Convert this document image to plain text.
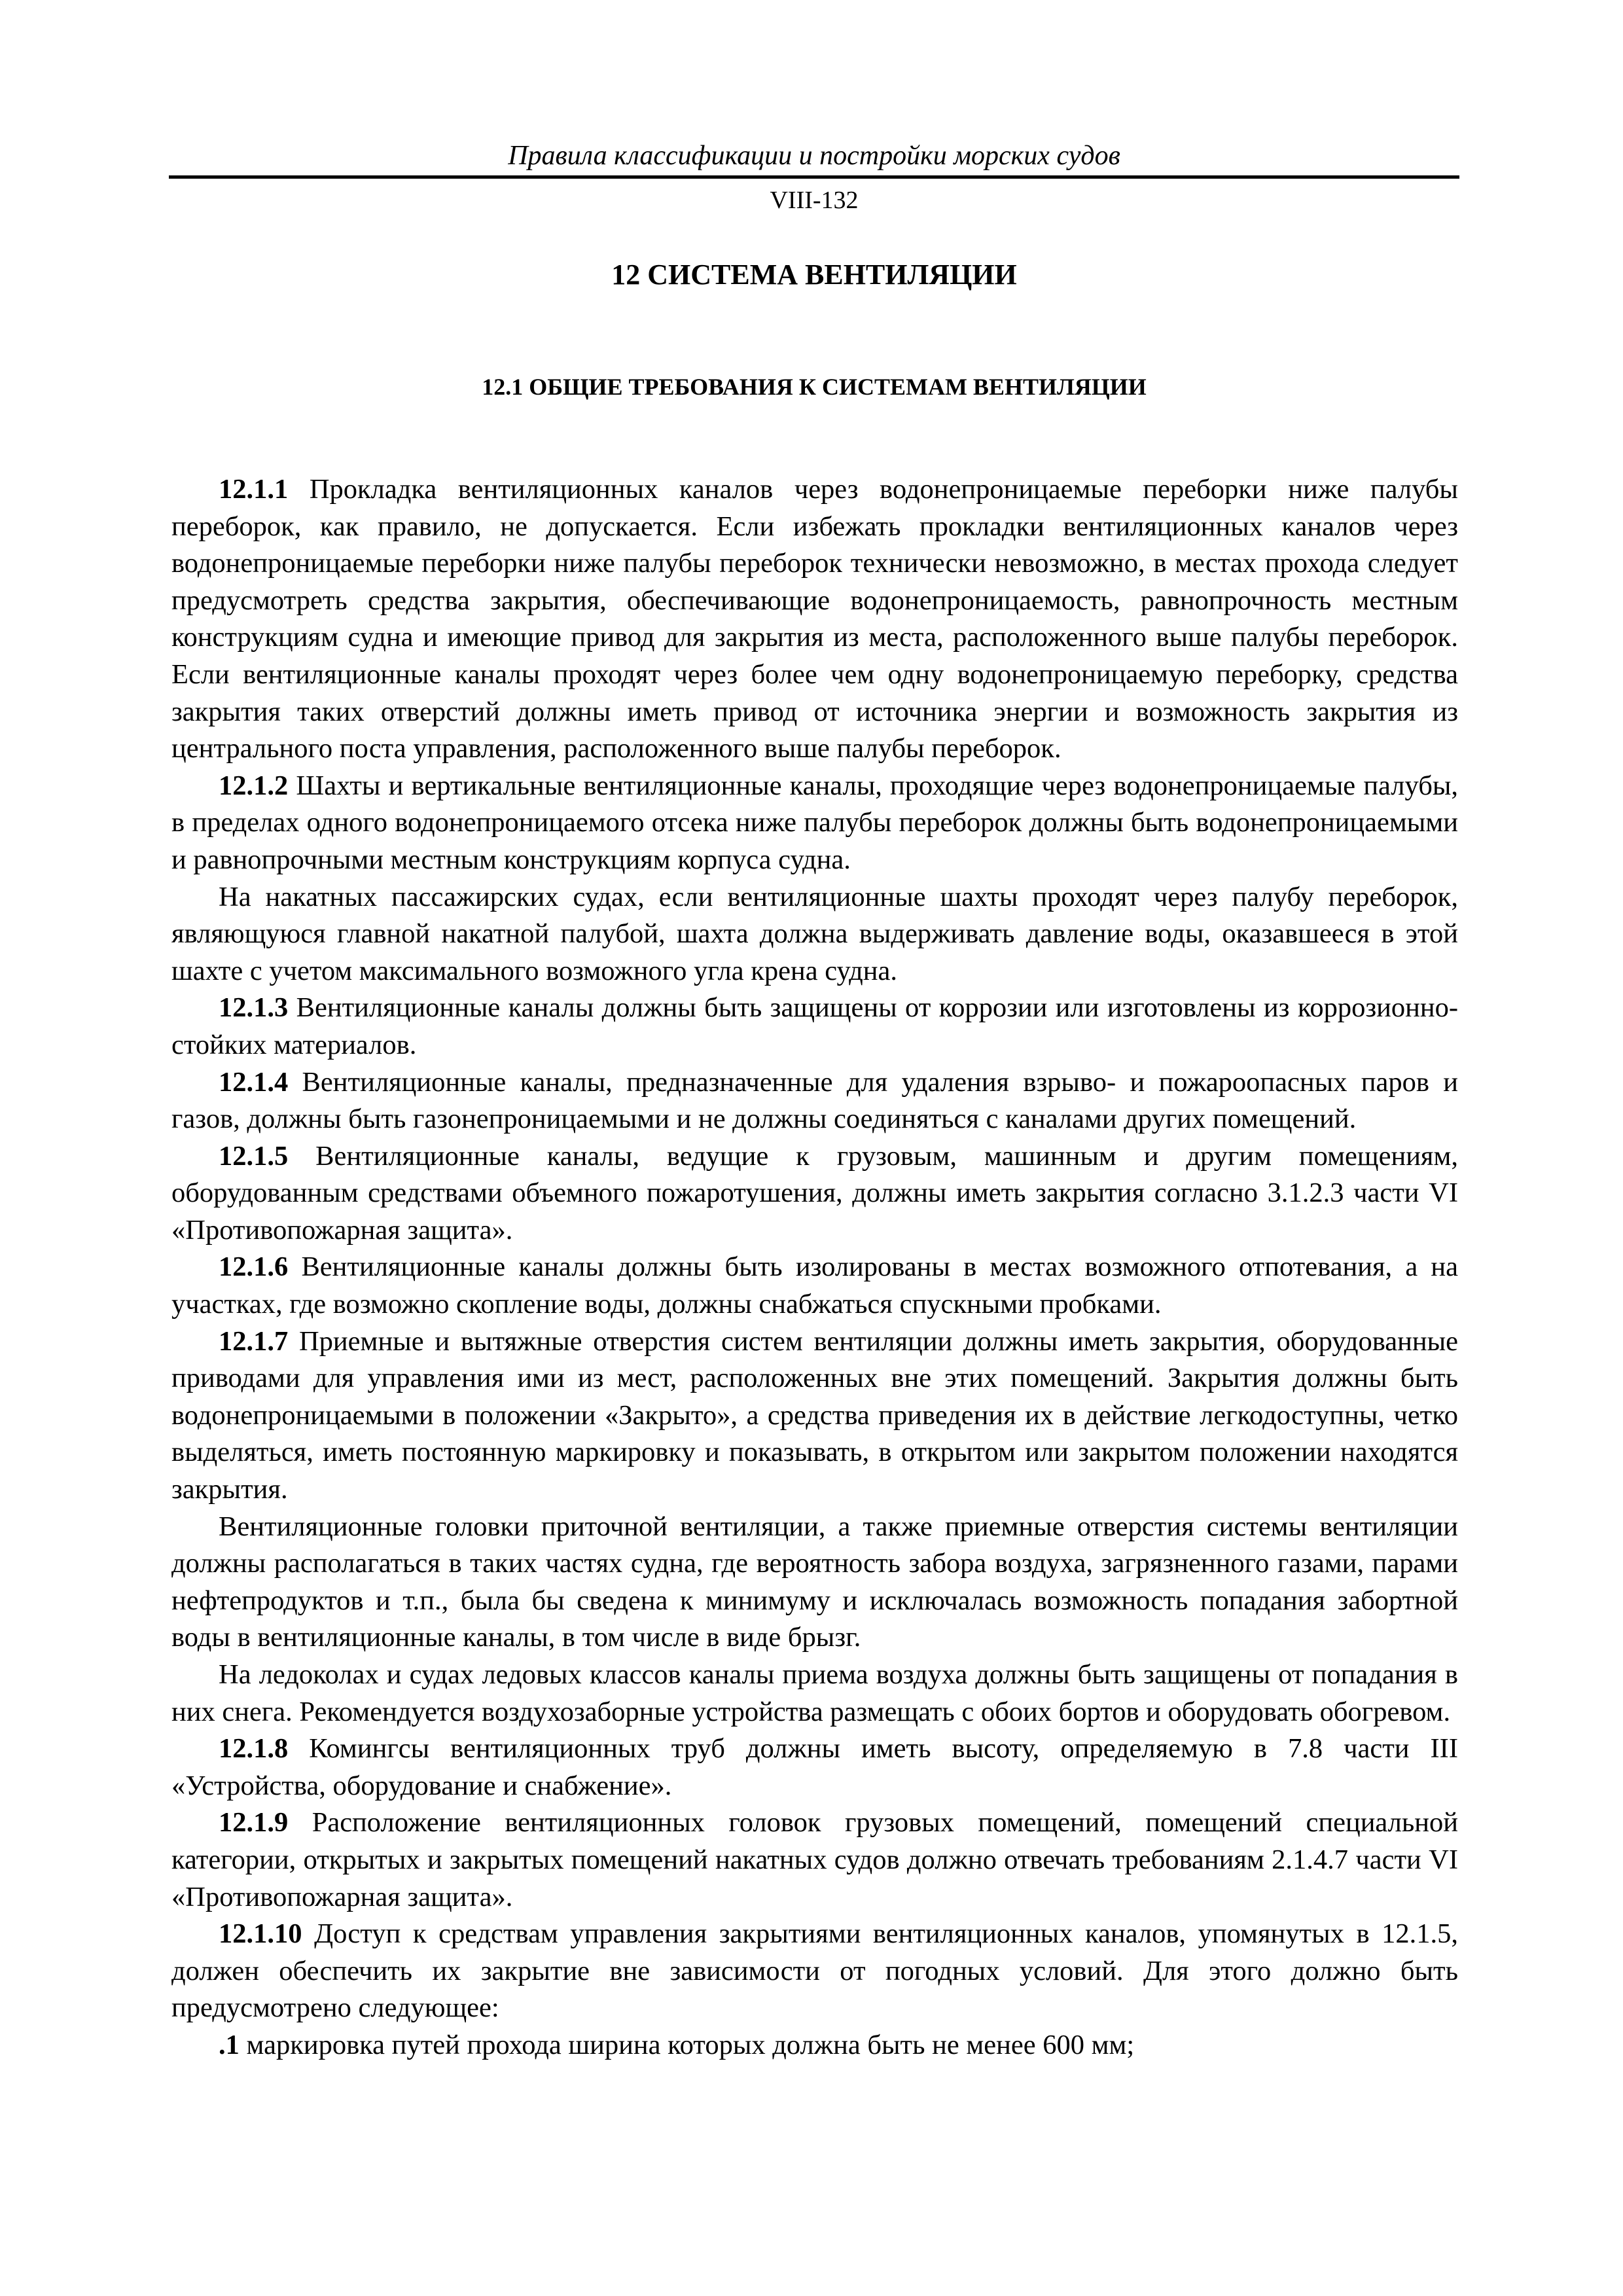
Правила классификации и постройки морских судов
VIII-132
12 СИСТЕМА ВЕНТИЛЯЦИИ
12.1 ОБЩИЕ ТРЕБОВАНИЯ К СИСТЕМАМ ВЕНТИЛЯЦИИ

12.1.1 Прокладка вентиляционных каналов через водонепроницаемые переборки ниже палубы переборок, как правило, не допускается. Если избежать прокладки вентиляционных каналов через водонепроницаемые переборки ниже палубы переборок технически невозможно, в местах прохода следует предусмотреть средства закрытия, обеспечивающие водонепроницаемость, равнопрочность местным конструкциям судна и имеющие привод для закрытия из места, расположенного выше палубы переборок. Если вентиляционные каналы проходят через более чем одну водонепроницаемую переборку, средства закрытия таких отверстий должны иметь привод от источника энергии и возможность закрытия из центрального поста управления, расположенного выше палубы переборок.

12.1.2 Шахты и вертикальные вентиляционные каналы, проходящие через водонепроницаемые палубы, в пределах одного водонепроницаемого отсека ниже палубы переборок должны быть водонепроницаемыми и равнопрочными местным конструкциям корпуса судна.

На накатных пассажирских судах, если вентиляционные шахты проходят через палубу переборок, являющуюся главной накатной палубой, шахта должна выдерживать давление воды, оказавшееся в этой шахте с учетом максимального возможного угла крена судна.

12.1.3 Вентиляционные каналы должны быть защищены от коррозии или изготовлены из коррозионно-стойких материалов.

12.1.4 Вентиляционные каналы, предназначенные для удаления взрыво- и пожароопасных паров и газов, должны быть газонепроницаемыми и не должны соединяться с каналами других помещений.

12.1.5 Вентиляционные каналы, ведущие к грузовым, машинным и другим помещениям, оборудованным средствами объемного пожаротушения, должны иметь закрытия согласно 3.1.2.3 части VI «Противопожарная защита».

12.1.6 Вентиляционные каналы должны быть изолированы в местах возможного отпотевания, а на участках, где возможно скопление воды, должны снабжаться спускными пробками.

12.1.7 Приемные и вытяжные отверстия систем вентиляции должны иметь закрытия, оборудованные приводами для управления ими из мест, расположенных вне этих помещений. Закрытия должны быть водонепроницаемыми в положении «Закрыто», а средства приведения их в действие легкодоступны, четко выделяться, иметь постоянную маркировку и показывать, в открытом или закрытом положении находятся закрытия.

Вентиляционные головки приточной вентиляции, а также приемные отверстия системы вентиляции должны располагаться в таких частях судна, где вероятность забора воздуха, загрязненного газами, парами нефтепродуктов и т.п., была бы сведена к минимуму и исключалась возможность попадания забортной воды в вентиляционные каналы, в том числе в виде брызг.

На ледоколах и судах ледовых классов каналы приема воздуха должны быть защищены от попадания в них снега. Рекомендуется воздухозаборные устройства размещать с обоих бортов и оборудовать обогревом.

12.1.8 Комингсы вентиляционных труб должны иметь высоту, определяемую в 7.8 части III «Устройства, оборудование и снабжение».

12.1.9 Расположение вентиляционных головок грузовых помещений, помещений специальной категории, открытых и закрытых помещений накатных судов должно отвечать требованиям 2.1.4.7 части VI «Противопожарная защита».

12.1.10 Доступ к средствам управления закрытиями вентиляционных каналов, упомянутых в 12.1.5, должен обеспечить их закрытие вне зависимости от погодных условий. Для этого должно быть предусмотрено следующее:

.1 маркировка путей прохода ширина которых должна быть не менее 600 мм;
